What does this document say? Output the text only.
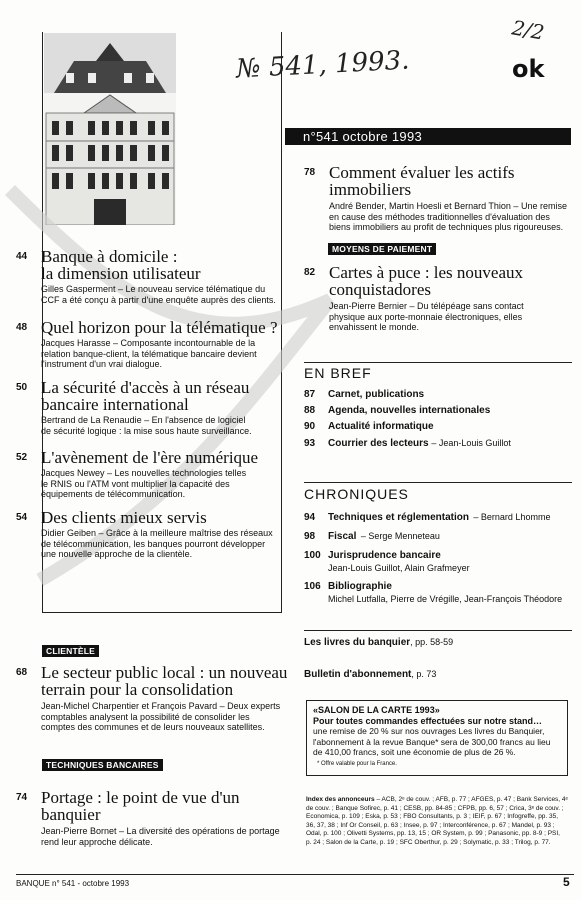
№ 541, 1993.
2/2
ok
n°541 octobre 1993
44 Banque à domicile :
la dimension utilisateur
Gilles Gasperment – Le nouveau service télématique du
CCF a été conçu à partir d'une enquête auprès des clients.
48 Quel horizon pour la télématique ?
Jacques Harasse – Composante incontournable de la
relation banque-client, la télématique bancaire devient
l'instrument d'un vrai dialogue.
50 La sécurité d'accès à un réseau
bancaire international
Bertrand de La Renaudie – En l'absence de logiciel
de sécurité logique : la mise sous haute surveillance.
52 L'avènement de l'ère numérique
Jacques Newey – Les nouvelles technologies telles
le RNIS ou l'ATM vont multiplier la capacité des
équipements de télécommunication.
54 Des clients mieux servis
Didier Geiben – Grâce à la meilleure maîtrise des réseaux
de télécommunication, les banques pourront développer
une nouvelle approche de la clientèle.
78 Comment évaluer les actifs immobiliers
André Bender, Martin Hoesli et Bernard Thion – Une remise
en cause des méthodes traditionnelles d'évaluation des
biens immobiliers au profit de techniques plus rigoureuses.
MOYENS DE PAIEMENT
82 Cartes à puce : les nouveaux
conquistadores
Jean-Pierre Bernier – Du télépéage sans contact
physique aux porte-monnaie électroniques, elles
envahissent le monde.
EN BREF
87 Carnet, publications
88 Agenda, nouvelles internationales
90 Actualité informatique
93 Courrier des lecteurs – Jean-Louis Guillot
CHRONIQUES
94 Techniques et réglementation – Bernard Lhomme
98 Fiscal – Serge Menneteau
100 Jurisprudence bancaire
Jean-Louis Guillot, Alain Grafmeyer
106 Bibliographie
Michel Lutfalla, Pierre de Vrégille, Jean-François Théodore
CLIENTÈLE
68 Le secteur public local : un nouveau
terrain pour la consolidation
Jean-Michel Charpentier et François Pavard – Deux experts
comptables analysent la possibilité de consolider les
comptes des communes et de leurs nouveaux satellites.
TECHNIQUES BANCAIRES
74 Portage : le point de vue d'un banquier
Jean-Pierre Bornet – La diversité des opérations de portage
rend leur approche délicate.
Les livres du banquier, pp. 58-59
Bulletin d'abonnement, p. 73
«SALON DE LA CARTE 1993»
Pour toutes commandes effectuées sur notre stand…
une remise de 20 % sur nos ouvrages Les livres du Banquier,
l'abonnement à la revue Banque* sera de 300,00 francs au lieu
de 410,00 francs, soit une économie de plus de 26 %.
* Offre valable pour la France.
Index des annonceurs – ACB, 2ᵉ de couv. ; AFB, p. 77 ; AFGES, p. 47 ; Bank Services, 4ᵉ
de couv. ; Banque Sofirec, p. 41 ; CESB, pp. 84-85 ; CFPB, pp. 6, 57 ; Crica, 3ᵉ de couv. ;
Economica, p. 109 ; Eska, p. 53 ; FBO Consultants, p. 3 ; IEIF, p. 67 ; Infogreffe, pp. 35,
36, 37, 38 ; Inf Or Conseil, p. 63 ; Insee, p. 97 ; Interconférence, p. 67 ; Mandel, p. 93 ;
Odal, p. 100 ; Olivetti Systems, pp. 13, 15 ; OR System, p. 99 ; Panasonic, pp. 8-9 ; PSI,
p. 24 ; Salon de la Carte, p. 19 ; SFC Oberthur, p. 29 ; Solymatic, p. 33 ; Trilog, p. 77.
BANQUE n° 541 - octobre 1993	5
